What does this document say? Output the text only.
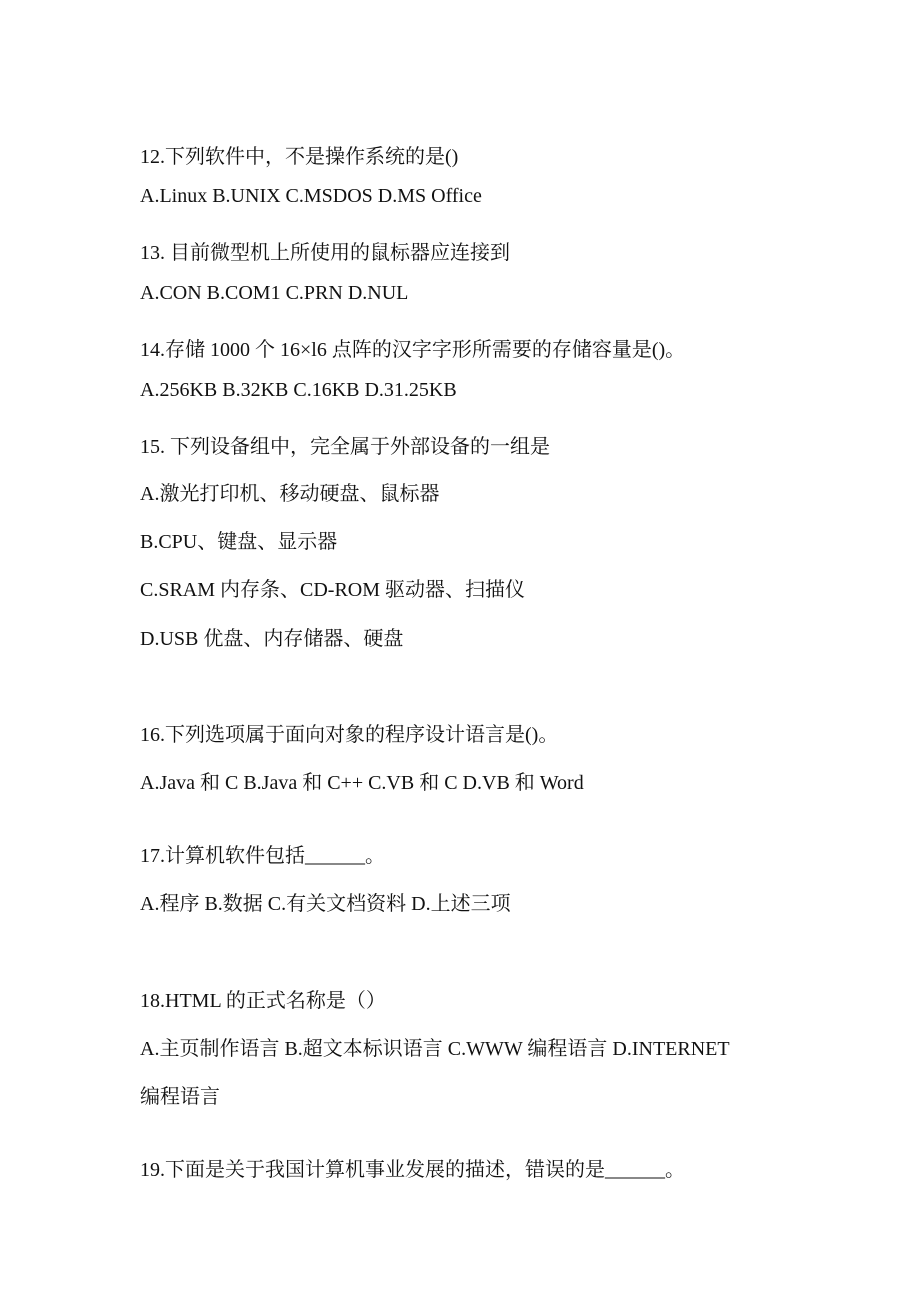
12.下列软件中，不是操作系统的是()

A.Linux B.UNIX C.MSDOS D.MS Office

13. 目前微型机上所使用的鼠标器应连接到

A.CON B.COM1 C.PRN D.NUL

14.存储 1000 个 16×l6 点阵的汉字字形所需要的存储容量是()。

A.256KB B.32KB C.16KB D.31.25KB

15. 下列设备组中，完全属于外部设备的一组是

A.激光打印机、移动硬盘、鼠标器

B.CPU、键盘、显示器

C.SRAM 内存条、CD-ROM 驱动器、扫描仪

D.USB 优盘、内存储器、硬盘

16.下列选项属于面向对象的程序设计语言是()。

A.Java 和 C B.Java 和 C++ C.VB 和 C D.VB 和 Word

17.计算机软件包括______。

A.程序 B.数据 C.有关文档资料 D.上述三项

18.HTML 的正式名称是（）

A.主页制作语言 B.超文本标识语言 C.WWW 编程语言 D.INTERNET

编程语言

19.下面是关于我国计算机事业发展的描述，错误的是______。
